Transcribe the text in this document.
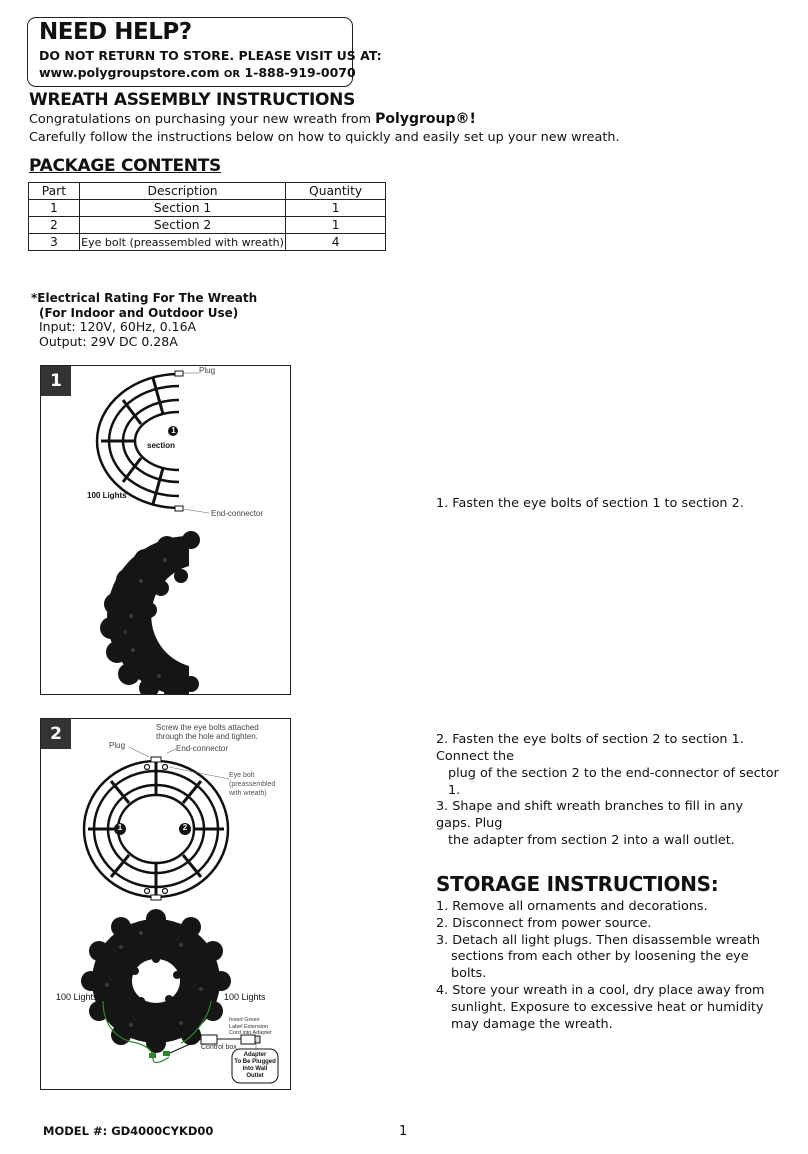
NEED HELP?
DO NOT RETURN TO STORE. PLEASE VISIT US AT:
www.polygroupstore.com OR 1-888-919-0070
WREATH ASSEMBLY INSTRUCTIONS
Congratulations on purchasing your new wreath from Polygroup®!
Carefully follow the instructions below on how to quickly and easily set up your new wreath.
PACKAGE CONTENTS
Part	Description	Quantity
1	Section 1	1
2	Section 2	1
3	Eye bolt (preassembled with wreath)	4
*Electrical Rating For The Wreath
(For Indoor and Outdoor Use)
Input: 120V, 60Hz, 0.16A
Output: 29V DC 0.28A
1
Plug
1
section
100 Lights
End-connector
2	Screw the eye bolts attached
through the hole and tighten.
Plug	End-connector
Eye bolt (preassembled
with wreath)
1	2
100 Lights	100 Lights
Insert Green
Label Extension
Cord into Adapter
Control box
Adapter
To Be Plugged
Into Wall
Outlet
1. Fasten the eye bolts of section 1 to section 2.
2. Fasten the eye bolts of section 2 to section 1. Connect the
plug of the section 2 to the end-connector of sector 1.
3. Shape and shift wreath branches to fill in any gaps. Plug
the adapter from section 2 into a wall outlet.
STORAGE INSTRUCTIONS:
1. Remove all ornaments and decorations.
2. Disconnect from power source.
3. Detach all light plugs. Then disassemble wreath sections from each other by loosening the eye bolts.
4. Store your wreath in a cool, dry place away from sunlight. Exposure to excessive heat or humidity may damage the wreath.
MODEL #: GD4000CYKD00	1
